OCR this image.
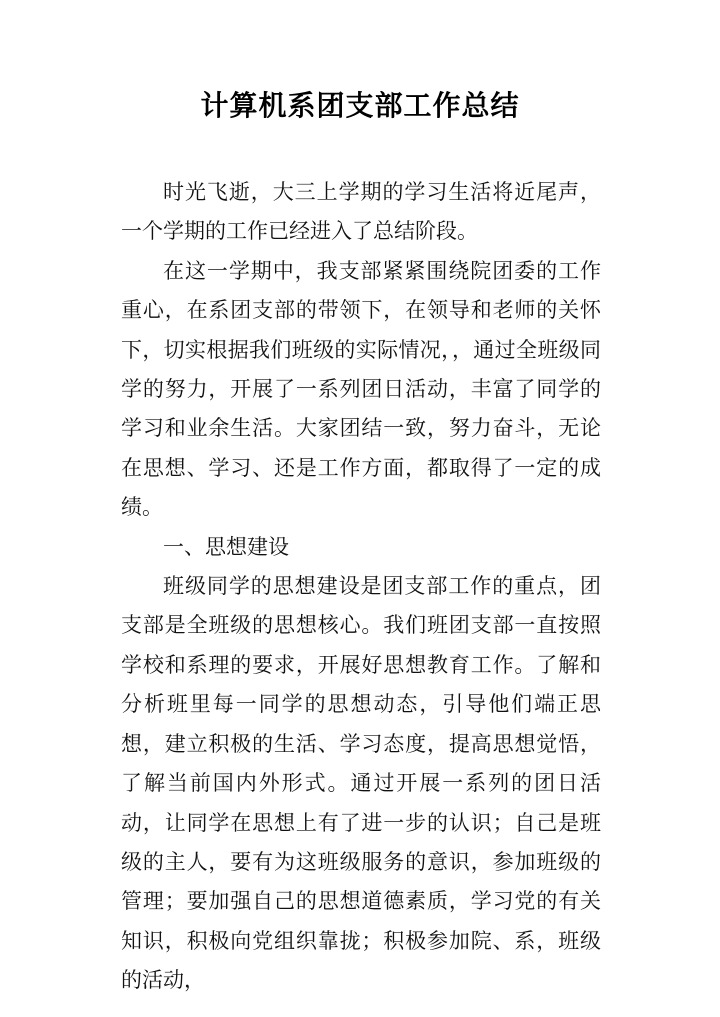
计算机系团支部工作总结

时光飞逝，大三上学期的学习生活将近尾声，一个学期的工作已经进入了总结阶段。

在这一学期中，我支部紧紧围绕院团委的工作重心，在系团支部的带领下，在领导和老师的关怀下，切实根据我们班级的实际情况，，通过全班级同学的努力，开展了一系列团日活动，丰富了同学的学习和业余生活。大家团结一致，努力奋斗，无论在思想、学习、还是工作方面，都取得了一定的成绩。

一、思想建设

班级同学的思想建设是团支部工作的重点，团支部是全班级的思想核心。我们班团支部一直按照学校和系理的要求，开展好思想教育工作。了解和分析班里每一同学的思想动态，引导他们端正思想，建立积极的生活、学习态度，提高思想觉悟，了解当前国内外形式。通过开展一系列的团日活动，让同学在思想上有了进一步的认识；自己是班级的主人，要有为这班级服务的意识，参加班级的管理；要加强自己的思想道德素质，学习党的有关知识，积极向党组织靠拢；积极参加院、系，班级的活动，
